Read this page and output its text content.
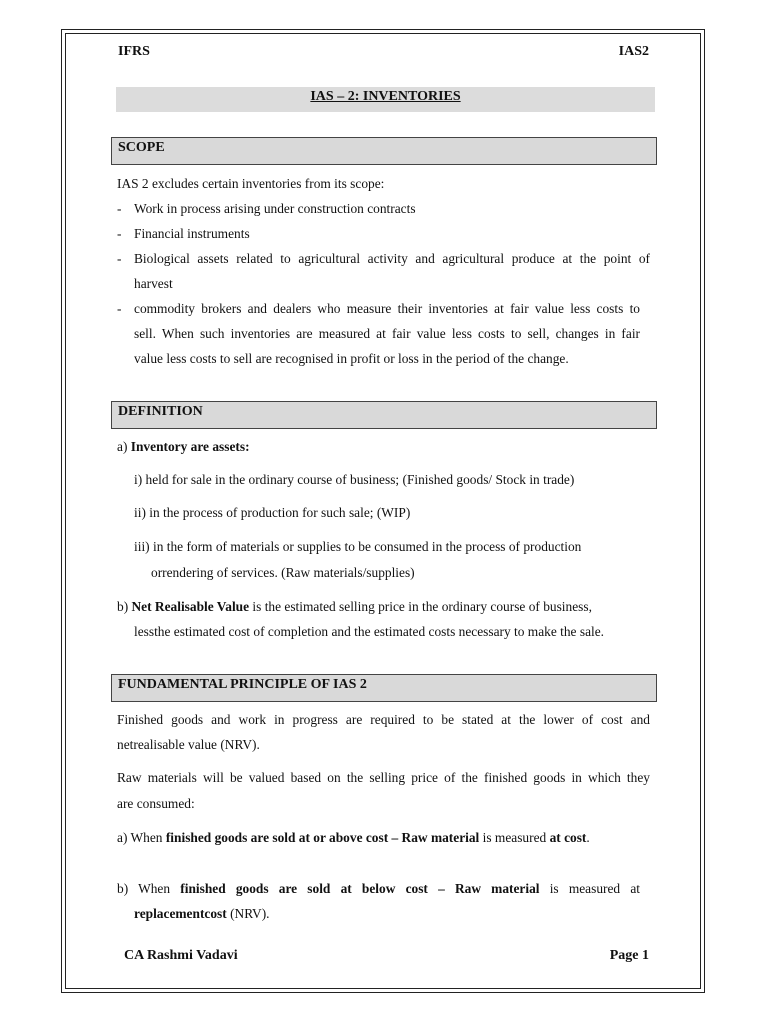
IFRS	IAS2
IAS – 2: INVENTORIES
SCOPE
IAS 2 excludes certain inventories from its scope:
- Work in process arising under construction contracts
- Financial instruments
- Biological assets related to agricultural activity and agricultural produce at the point of
harvest
- commodity brokers and dealers who measure their inventories at fair value less costs to
sell. When such inventories are measured at fair value less costs to sell, changes in fair
value less costs to sell are recognised in profit or loss in the period of the change.
DEFINITION
a) Inventory are assets:
i) held for sale in the ordinary course of business; (Finished goods/ Stock in trade)
ii) in the process of production for such sale; (WIP)
iii) in the form of materials or supplies to be consumed in the process of production
orrendering of services. (Raw materials/supplies)
b) Net Realisable Value is the estimated selling price in the ordinary course of business,
lessthe estimated cost of completion and the estimated costs necessary to make the sale.
FUNDAMENTAL PRINCIPLE OF IAS 2
Finished goods and work in progress are required to be stated at the lower of cost and
netrealisable value (NRV).
Raw materials will be valued based on the selling price of the finished goods in which they
are consumed:
a) When finished goods are sold at or above cost – Raw material is measured at cost.
b) When finished goods are sold at below cost – Raw material is measured at
replacementcost (NRV).
CA Rashmi Vadavi	Page 1
